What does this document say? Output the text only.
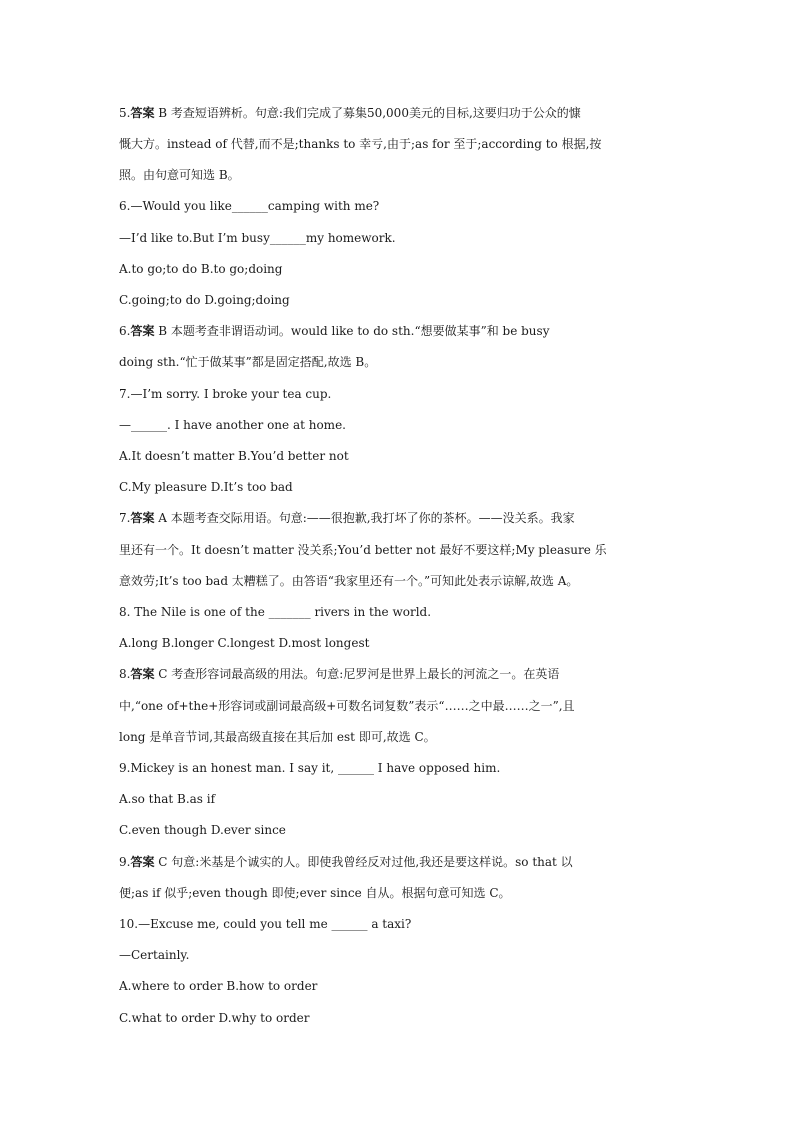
5.答案 B 考查短语辨析。句意:我们完成了募集50,000美元的目标,这要归功于公众的慷
慨大方。instead of 代替,而不是;thanks to 幸亏,由于;as for 至于;according to 根据,按
照。由句意可知选 B。
6.—Would you like______camping with me?
—I’d like to.But I’m busy______my homework.
A.to go;to do B.to go;doing
C.going;to do D.going;doing
6.答案 B 本题考查非谓语动词。would like to do sth.“想要做某事”和 be busy
doing sth.“忙于做某事”都是固定搭配,故选 B。
7.—I’m sorry. I broke your tea cup.
—______. I have another one at home.
A.It doesn’t matter B.You’d better not
C.My pleasure D.It’s too bad
7.答案 A 本题考查交际用语。句意:——很抱歉,我打坏了你的茶杯。——没关系。我家
里还有一个。It doesn’t matter 没关系;You’d better not 最好不要这样;My pleasure 乐
意效劳;It’s too bad 太糟糕了。由答语“我家里还有一个。”可知此处表示谅解,故选 A。
8. The Nile is one of the _______ rivers in the world.
A.long B.longer C.longest D.most longest
8.答案 C 考查形容词最高级的用法。句意:尼罗河是世界上最长的河流之一。在英语
中,“one of+the+形容词或副词最高级+可数名词复数”表示“……之中最……之一”,且
long 是单音节词,其最高级直接在其后加 est 即可,故选 C。
9.Mickey is an honest man. I say it, ______ I have opposed him.
A.so that B.as if
C.even though D.ever since
9.答案 C 句意:米基是个诚实的人。即使我曾经反对过他,我还是要这样说。so that 以
便;as if 似乎;even though 即使;ever since 自从。根据句意可知选 C。
10.—Excuse me, could you tell me ______ a taxi?
—Certainly.
A.where to order B.how to order
C.what to order D.why to order
